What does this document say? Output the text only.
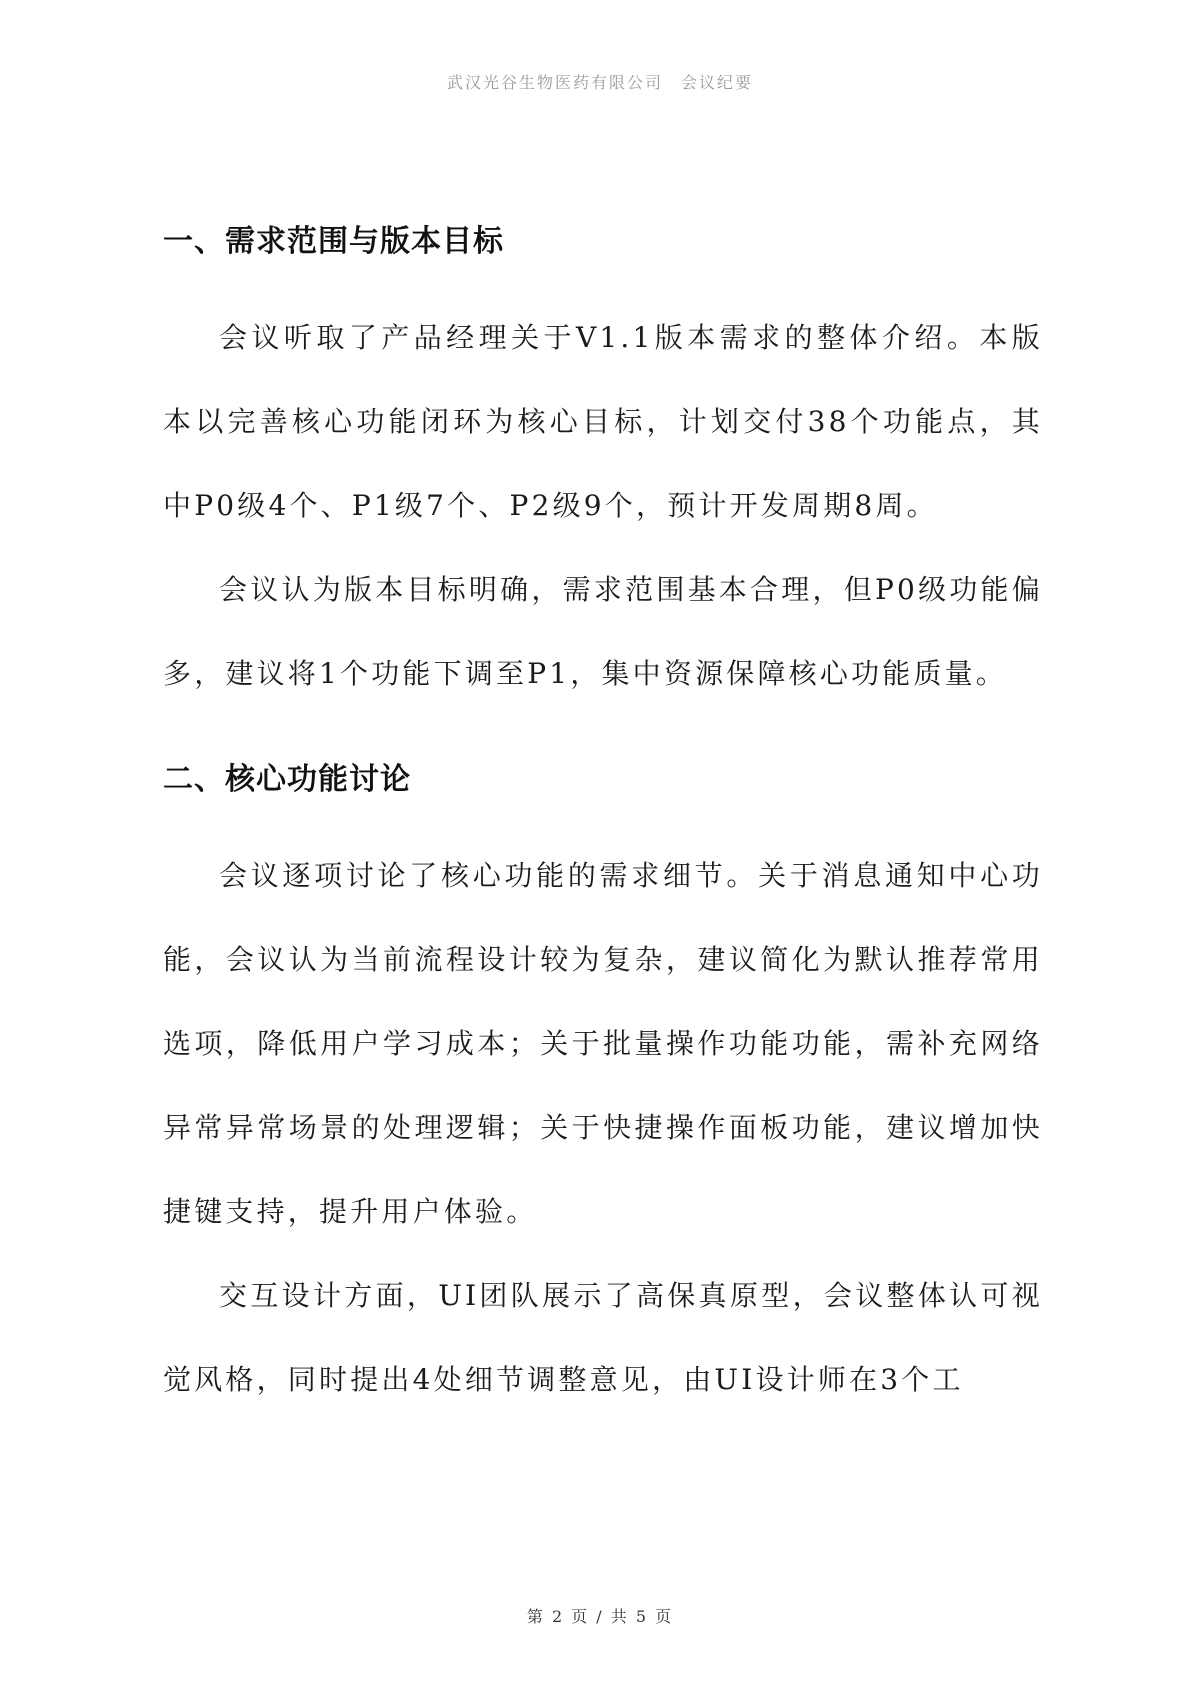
武汉光谷生物医药有限公司　会议纪要
一、需求范围与版本目标

会议听取了产品经理关于V1.1版本需求的整体介绍。本版本以完善核心功能闭环为核心目标，计划交付38个功能点，其中P0级4个、P1级7个、P2级9个，预计开发周期8周。

会议认为版本目标明确，需求范围基本合理，但P0级功能偏多，建议将1个功能下调至P1，集中资源保障核心功能质量。

二、核心功能讨论

会议逐项讨论了核心功能的需求细节。关于消息通知中心功能，会议认为当前流程设计较为复杂，建议简化为默认推荐常用选项，降低用户学习成本；关于批量操作功能功能，需补充网络异常异常场景的处理逻辑；关于快捷操作面板功能，建议增加快捷键支持，提升用户体验。

交互设计方面，UI团队展示了高保真原型，会议整体认可视觉风格，同时提出4处细节调整意见，由UI设计师在3个工

第 2 页 / 共 5 页
